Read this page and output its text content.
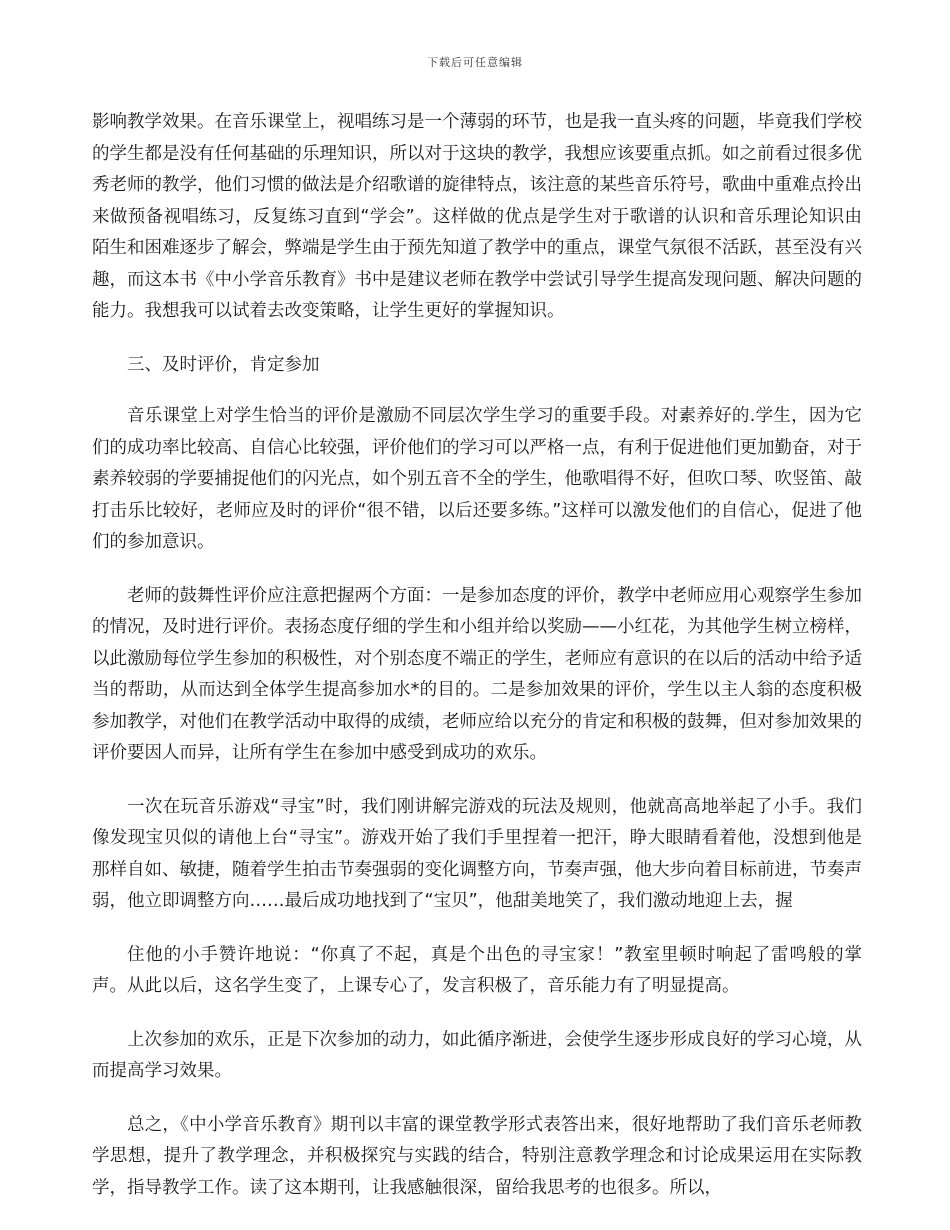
下载后可任意编辑

影响教学效果。在音乐课堂上，视唱练习是一个薄弱的环节，也是我一直头疼的问题，毕竟我们学校的学生都是没有任何基础的乐理知识，所以对于这块的教学，我想应该要重点抓。如之前看过很多优秀老师的教学，他们习惯的做法是介绍歌谱的旋律特点，该注意的某些音乐符号，歌曲中重难点拎出来做预备视唱练习，反复练习直到“学会”。这样做的优点是学生对于歌谱的认识和音乐理论知识由陌生和困难逐步了解会，弊端是学生由于预先知道了教学中的重点，课堂气氛很不活跃，甚至没有兴趣，而这本书《中小学音乐教育》书中是建议老师在教学中尝试引导学生提高发现问题、解决问题的能力。我想我可以试着去改变策略，让学生更好的掌握知识。

三、及时评价，肯定参加

音乐课堂上对学生恰当的评价是激励不同层次学生学习的重要手段。对素养好的.学生，因为它们的成功率比较高、自信心比较强，评价他们的学习可以严格一点，有利于促进他们更加勤奋，对于素养较弱的学要捕捉他们的闪光点，如个别五音不全的学生，他歌唱得不好，但吹口琴、吹竖笛、敲打击乐比较好，老师应及时的评价“很不错，以后还要多练。”这样可以激发他们的自信心，促进了他们的参加意识。

老师的鼓舞性评价应注意把握两个方面：一是参加态度的评价，教学中老师应用心观察学生参加的情况，及时进行评价。表扬态度仔细的学生和小组并给以奖励——小红花，为其他学生树立榜样，以此激励每位学生参加的积极性，对个别态度不端正的学生，老师应有意识的在以后的活动中给予适当的帮助，从而达到全体学生提高参加水*的目的。二是参加效果的评价，学生以主人翁的态度积极参加教学，对他们在教学活动中取得的成绩，老师应给以充分的肯定和积极的鼓舞，但对参加效果的评价要因人而异，让所有学生在参加中感受到成功的欢乐。

一次在玩音乐游戏“寻宝”时，我们刚讲解完游戏的玩法及规则，他就高高地举起了小手。我们像发现宝贝似的请他上台“寻宝”。游戏开始了我们手里捏着一把汗，睁大眼睛看着他，没想到他是那样自如、敏捷，随着学生拍击节奏强弱的变化调整方向，节奏声强，他大步向着目标前进，节奏声弱，他立即调整方向……最后成功地找到了“宝贝”，他甜美地笑了，我们激动地迎上去，握

住他的小手赞许地说：“你真了不起，真是个出色的寻宝家！”教室里顿时响起了雷鸣般的掌声。从此以后，这名学生变了，上课专心了，发言积极了，音乐能力有了明显提高。

上次参加的欢乐，正是下次参加的动力，如此循序渐进，会使学生逐步形成良好的学习心境，从而提高学习效果。

总之，《中小学音乐教育》期刊以丰富的课堂教学形式表答出来，很好地帮助了我们音乐老师教学思想，提升了教学理念，并积极探究与实践的结合，特别注意教学理念和讨论成果运用在实际教学，指导教学工作。读了这本期刊，让我感触很深，留给我思考的也很多。所以，
